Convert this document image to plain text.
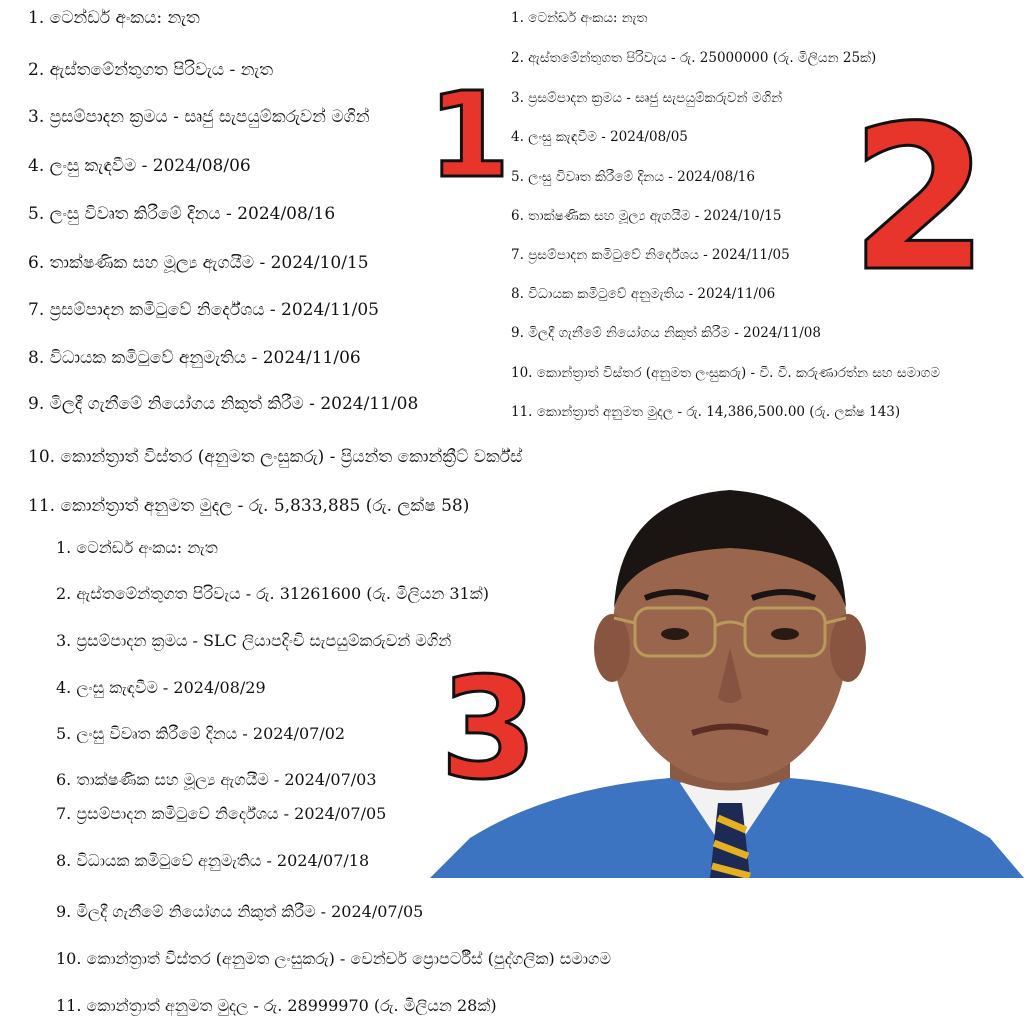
1. ටෙන්ඩර් අංකය: නැත
2. ඇස්තමේන්තුගත පිරිවැය - නැත
3. ප්‍රසම්පාදන ක්‍රමය - සෘජු සැපයුම්කරුවන් මගින්
4. ලංසු කැඳවීම - 2024/08/06
5. ලංසු විවෘත කිරීමේ දිනය - 2024/08/16
6. තාක්ෂණික සහ මූල්‍ය ඇගයීම - 2024/10/15
7. ප්‍රසම්පාදන කමිටුවේ නිර්දේශය - 2024/11/05
8. විධායක කමිටුවේ අනුමැතිය - 2024/11/06
9. මිලදී ගැනීමේ නියෝගය නිකුත් කිරීම - 2024/11/08
10. කොන්ත්‍රාත් විස්තර (අනුමත ලංසුකරු) - ප්‍රියන්ත කොන්ක්‍රීට් වර්ක්ස්
11. කොන්ත්‍රාත් අනුමත මුදල - රු. 5,833,885 (රු. ලක්ෂ 58)
1. ටෙන්ඩර් අංකය: නැත
2. ඇස්තමේන්තුගත පිරිවැය - රු. 25000000 (රු. මිලියන 25ක්)
3. ප්‍රසම්පාදන ක්‍රමය - සෘජු සැපයුම්කරුවන් මගින්
4. ලංසු කැඳවීම - 2024/08/05
5. ලංසු විවෘත කිරීමේ දිනය - 2024/08/16
6. තාක්ෂණික සහ මූල්‍ය ඇගයීම - 2024/10/15
7. ප්‍රසම්පාදන කමිටුවේ නිර්දේශය - 2024/11/05
8. විධායක කමිටුවේ අනුමැතිය - 2024/11/06
9. මිලදී ගැනීමේ නියෝගය නිකුත් කිරීම - 2024/11/08
10. කොන්ත්‍රාත් විස්තර (අනුමත ලංසුකරු) - වී. වී. කරුණාරත්න සහ සමාගම
11. කොන්ත්‍රාත් අනුමත මුදල - රු. 14,386,500.00 (රු. ලක්ෂ 143)
1. ටෙන්ඩර් අංකය: නැත
2. ඇස්තමේන්තුගත පිරිවැය - රු. 31261600 (රු. මිලියන 31ක්)
3. ප්‍රසම්පාදන ක්‍රමය - SLC ලියාපදිංචි සැපයුම්කරුවන් මගින්
4. ලංසු කැඳවීම - 2024/08/29
5. ලංසු විවෘත කිරීමේ දිනය - 2024/07/02
6. තාක්ෂණික සහ මූල්‍ය ඇගයීම - 2024/07/03
7. ප්‍රසම්පාදන කමිටුවේ නිර්දේශය - 2024/07/05
8. විධායක කමිටුවේ අනුමැතිය - 2024/07/18
9. මිලදී ගැනීමේ නියෝගය නිකුත් කිරීම - 2024/07/05
10. කොන්ත්‍රාත් විස්තර (අනුමත ලංසුකරු) - වෙන්චර් ප්‍රොපර්ටීස් (පුද්ගලික) සමාගම
11. කොන්ත්‍රාත් අනුමත මුදල - රු. 28999970 (රු. මිලියන 28ක්)
1 2
3
